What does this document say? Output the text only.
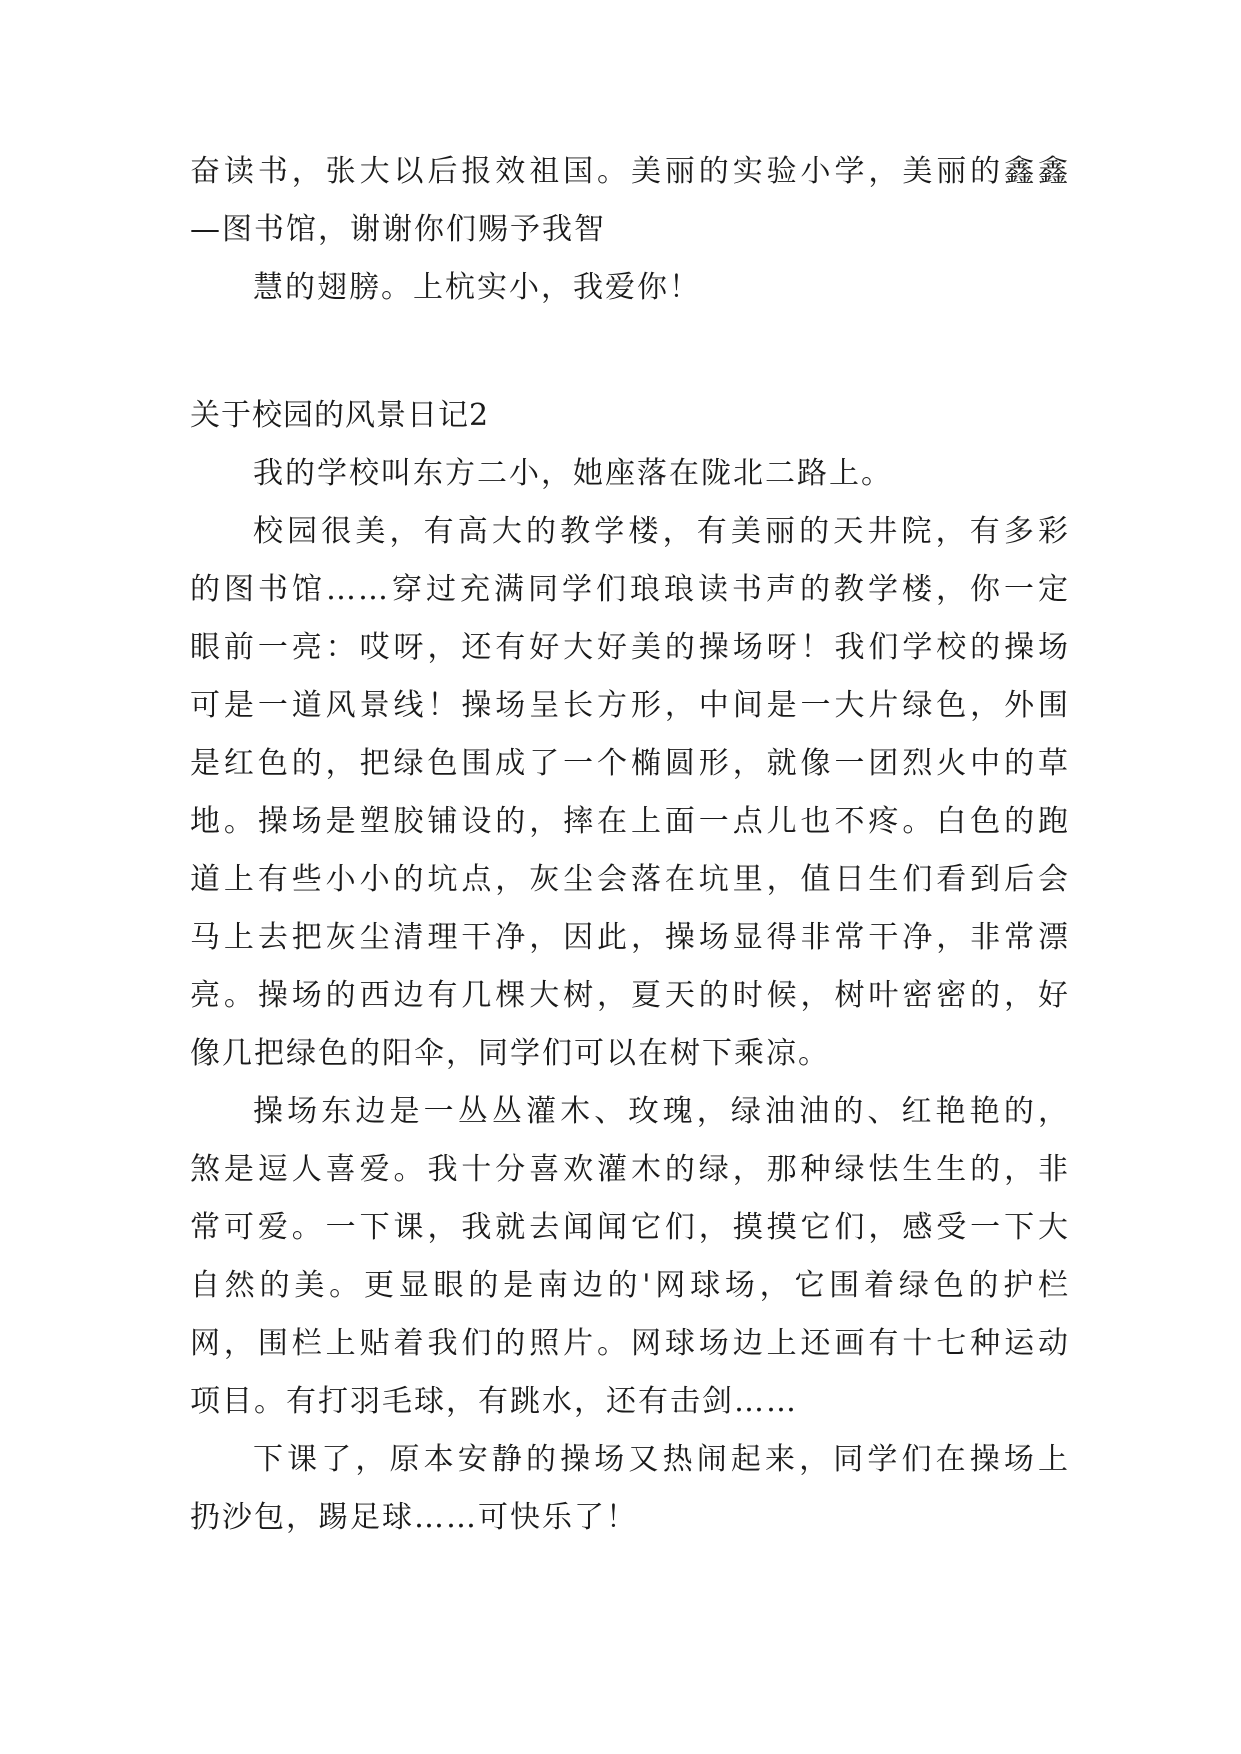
奋读书，张大以后报效祖国。美丽的实验小学，美丽的鑫鑫
—图书馆，谢谢你们赐予我智
慧的翅膀。上杭实小，我爱你！
关于校园的风景日记2
我的学校叫东方二小，她座落在陇北二路上。
校园很美，有高大的教学楼，有美丽的天井院，有多彩
的图书馆……穿过充满同学们琅琅读书声的教学楼，你一定
眼前一亮：哎呀，还有好大好美的操场呀！我们学校的操场
可是一道风景线！操场呈长方形，中间是一大片绿色，外围
是红色的，把绿色围成了一个椭圆形，就像一团烈火中的草
地。操场是塑胶铺设的，摔在上面一点儿也不疼。白色的跑
道上有些小小的坑点，灰尘会落在坑里，值日生们看到后会
马上去把灰尘清理干净，因此，操场显得非常干净，非常漂
亮。操场的西边有几棵大树，夏天的时候，树叶密密的，好
像几把绿色的阳伞，同学们可以在树下乘凉。
操场东边是一丛丛灌木、玫瑰，绿油油的、红艳艳的，
煞是逗人喜爱。我十分喜欢灌木的绿，那种绿怯生生的，非
常可爱。一下课，我就去闻闻它们，摸摸它们，感受一下大
自然的美。更显眼的是南边的'网球场，它围着绿色的护栏
网，围栏上贴着我们的照片。网球场边上还画有十七种运动
项目。有打羽毛球，有跳水，还有击剑……
下课了，原本安静的操场又热闹起来，同学们在操场上
扔沙包，踢足球……可快乐了！
